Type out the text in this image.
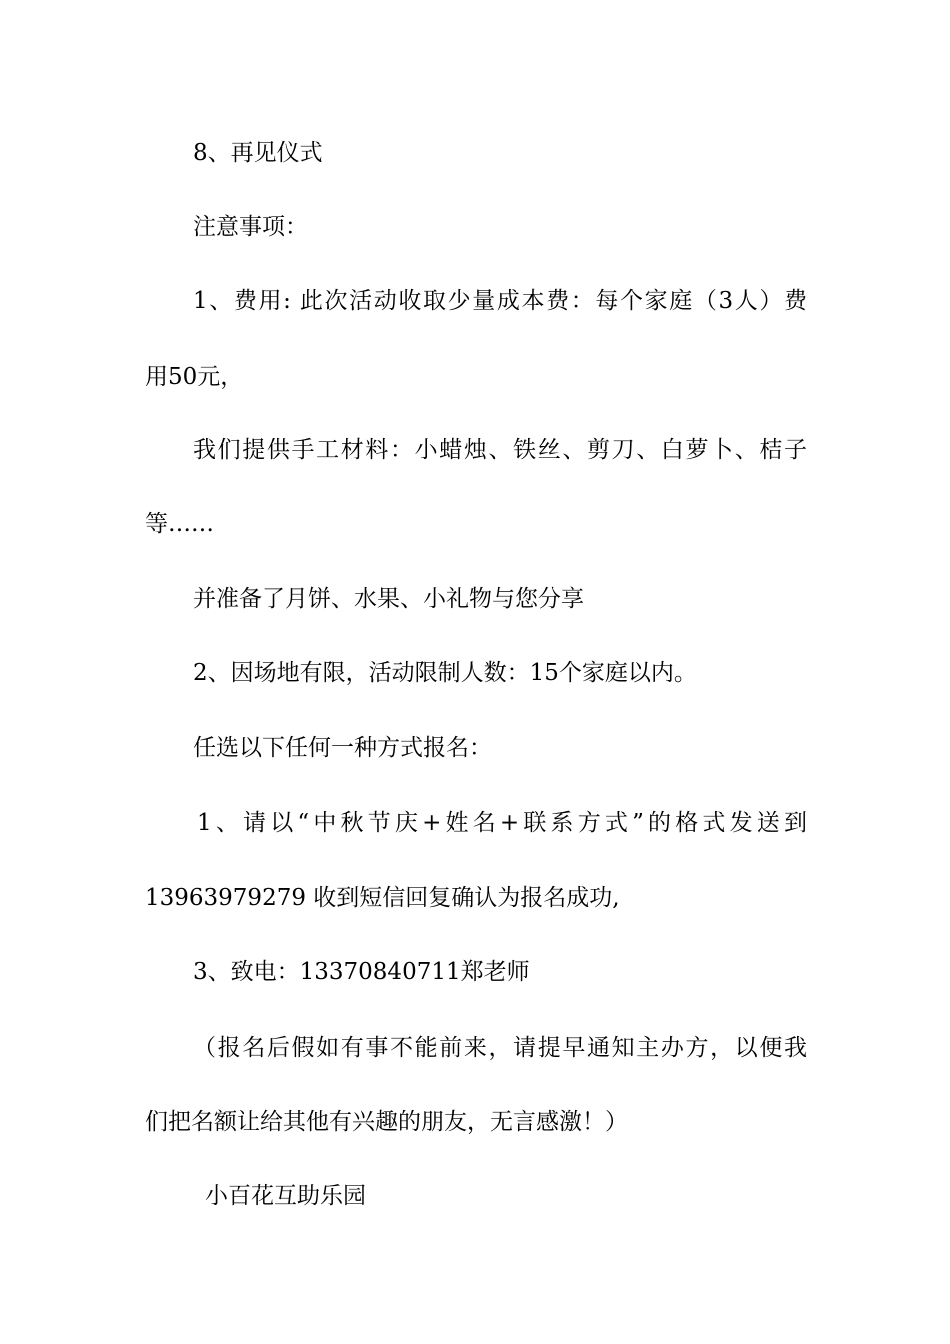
8、再见仪式
注意事项：
1、费用: 此次活动收取少量成本费：每个家庭（3人）费
用50元，
我们提供手工材料：小蜡烛、铁丝、剪刀、白萝卜、桔子
等……
并准备了月饼、水果、小礼物与您分享
2、因场地有限，活动限制人数：15个家庭以内。
任选以下任何一种方式报名：
1、请以“中秋节庆+姓名+联系方式”的格式发送到
13963979279 收到短信回复确认为报名成功,
3、致电：13370840711郑老师
（报名后假如有事不能前来，请提早通知主办方，以便我
们把名额让给其他有兴趣的朋友，无言感激！）
小百花互助乐园
